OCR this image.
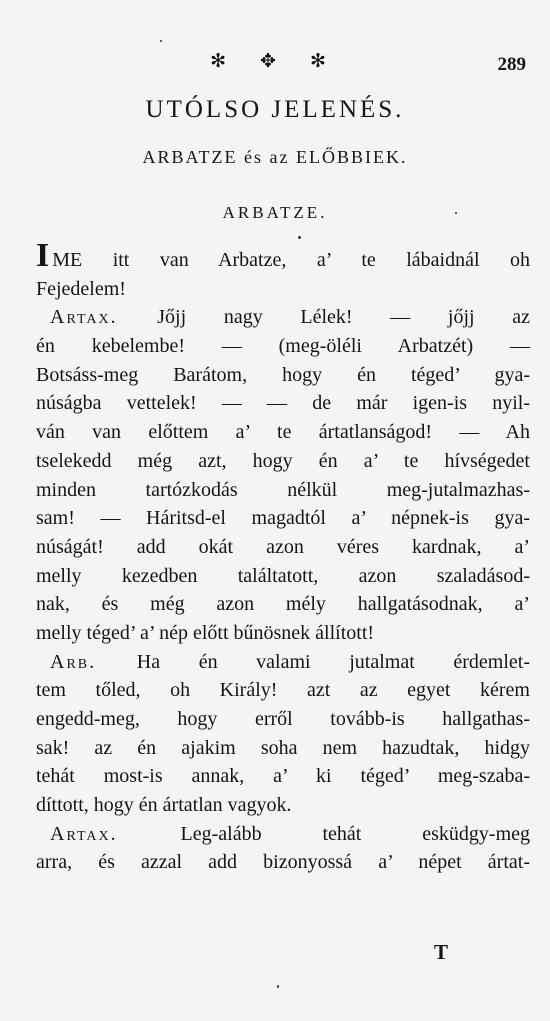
✻ ✥ ✻	289
UTÓLSO JELENÉS.
ARBATZE és az ELŐBBIEK.
ARBATZE.
IME itt van Arbatze, a’ te lábaidnál oh
Fejedelem!
Artax. Jőjj nagy Lélek! — jőjj az
én kebelembe! — (meg-öléli Arbatzét) —
Botsáss-meg Barátom, hogy én téged’ gya-
núságba vettelek! — — de már igen-is nyil-
ván van előttem a’ te ártatlanságod! — Ah
tselekedd még azt, hogy én a’ te hívségedet
minden tartózkodás nélkül meg-jutalmazhas-
sam! — Háritsd-el magadtól a’ népnek-is gya-
núságát! add okát azon véres kardnak, a’
melly kezedben találtatott, azon szaladásod-
nak, és még azon mély hallgatásodnak, a’
melly téged’ a’ nép előtt bűnösnek állított!
Arb. Ha én valami jutalmat érdemlet-
tem tőled, oh Király! azt az egyet kérem
engedd-meg, hogy erről tovább-is hallgathas-
sak! az én ajakim soha nem hazudtak, hidgy
tehát most-is annak, a’ ki téged’ meg-szaba-
díttott, hogy én ártatlan vagyok.
Artax. Leg-alább tehát esküdgy-meg
arra, és azzal add bizonyossá a’ népet ártat-
T
